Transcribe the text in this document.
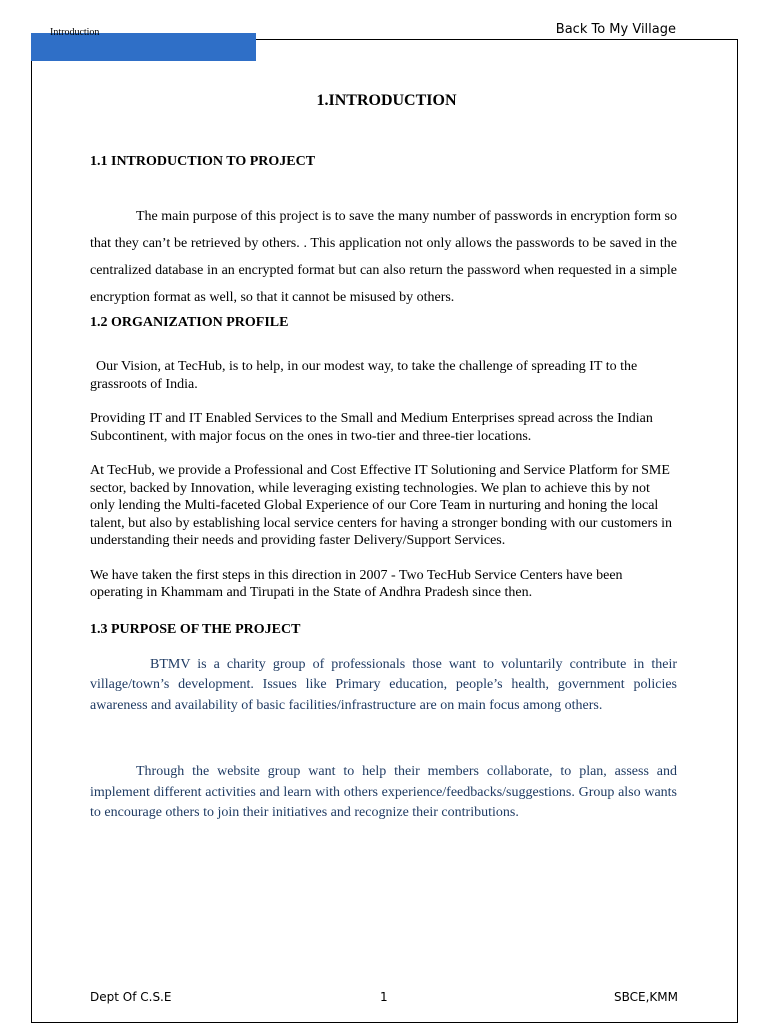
Introduction	Back To My Village
1.INTRODUCTION
1.1 INTRODUCTION TO PROJECT

The main purpose of this project is to save the many number of passwords in encryption form so that they can’t be retrieved by others. . This application not only allows the passwords to be saved in the centralized database in an encrypted format but can also return the password when requested in a simple encryption format as well, so that it cannot be misused by others.

1.2 ORGANIZATION PROFILE

Our Vision, at TecHub, is to help, in our modest way, to take the challenge of spreading IT to the grassroots of India.

Providing IT and IT Enabled Services to the Small and Medium Enterprises spread across the Indian Subcontinent, with major focus on the ones in two-tier and three-tier locations.

At TecHub, we provide a Professional and Cost Effective IT Solutioning and Service Platform for SME sector, backed by Innovation, while leveraging existing technologies. We plan to achieve this by not only lending the Multi-faceted Global Experience of our Core Team in nurturing and honing the local talent, but also by establishing local service centers for having a stronger bonding with our customers in understanding their needs and providing faster Delivery/Support Services.

We have taken the first steps in this direction in 2007 - Two TecHub Service Centers have been operating in Khammam and Tirupati in the State of Andhra Pradesh since then.

1.3 PURPOSE OF THE PROJECT

BTMV is a charity group of professionals those want to voluntarily contribute in their village/town’s development. Issues like Primary education, people’s health, government policies awareness and availability of basic facilities/infrastructure are on main focus among others.

Through the website group want to help their members collaborate, to plan, assess and implement different activities and learn with others experience/feedbacks/suggestions. Group also wants to encourage others to join their initiatives and recognize their contributions.

Dept Of C.S.E	1	SBCE,KMM
